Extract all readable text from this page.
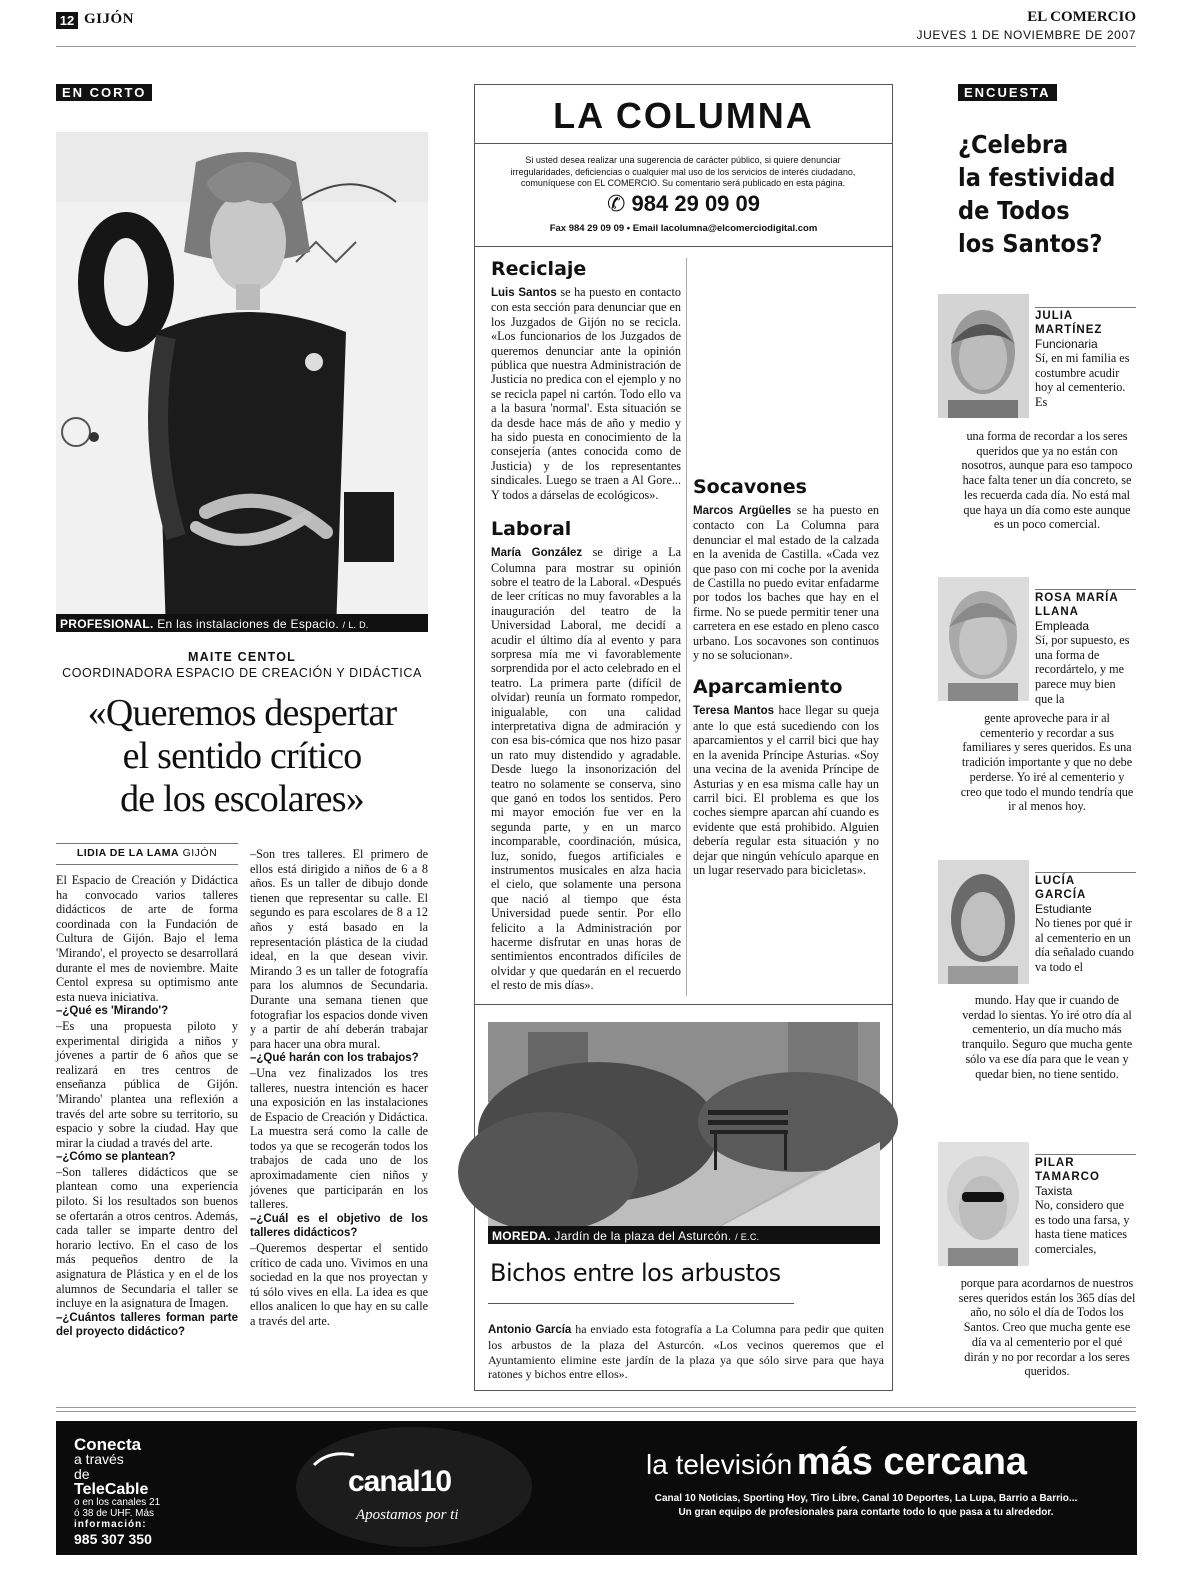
12 GIJÓN	EL COMERCIO
JUEVES 1 DE NOVIEMBRE DE 2007
EN CORTO
PROFESIONAL. En las instalaciones de Espacio. / L. D.
MAITE CENTOL
COORDINADORA ESPACIO DE CREACIÓN Y DIDÁCTICA
«Queremos despertar
el sentido crítico
de los escolares»
LIDIA DE LA LAMA GIJÓN

El Espacio de Creación y Didáctica ha convocado varios talleres didácticos de arte de forma coordinada con la Fundación de Cultura de Gijón. Bajo el lema 'Mirando', el proyecto se desarrollará durante el mes de noviembre. Maite Centol expresa su optimismo ante esta nueva iniciativa.

–¿Qué es 'Mirando'?

–Es una propuesta piloto y experimental dirigida a niños y jóvenes a partir de 6 años que se realizará en tres centros de enseñanza pública de Gijón. 'Mirando' plantea una reflexión a través del arte sobre su territorio, su espacio y sobre la ciudad. Hay que mirar la ciudad a través del arte.

–¿Cómo se plantean?

–Son talleres didácticos que se plantean como una experiencia piloto. Si los resultados son buenos se ofertarán a otros centros. Además, cada taller se imparte dentro del horario lectivo. En el caso de los más pequeños dentro de la asignatura de Plástica y en el de los alumnos de Secundaria el taller se incluye en la asignatura de Imagen.

–¿Cuántos talleres forman parte del proyecto didáctico?

–Son tres talleres. El primero de ellos está dirigido a niños de 6 a 8 años. Es un taller de dibujo donde tienen que representar su calle. El segundo es para escolares de 8 a 12 años y está basado en la representación plástica de la ciudad ideal, en la que desean vivir. Mirando 3 es un taller de fotografía para los alumnos de Secundaria. Durante una semana tienen que fotografiar los espacios donde viven y a partir de ahí deberán trabajar para hacer una obra mural.

–¿Qué harán con los trabajos?

–Una vez finalizados los tres talleres, nuestra intención es hacer una exposición en las instalaciones de Espacio de Creación y Didáctica. La muestra será como la calle de todos ya que se recogerán todos los trabajos de cada uno de los aproximadamente cien niños y jóvenes que participarán en los talleres.

–¿Cuál es el objetivo de los talleres didácticos?

–Queremos despertar el sentido crítico de cada uno. Vivimos en una sociedad en la que nos proyectan y tú sólo vives en ella. La idea es que ellos analicen lo que hay en su calle a través del arte.

LA COLUMNA
Si usted desea realizar una sugerencia de carácter público, si quiere denunciar irregularidades, deficiencias o cualquier mal uso de los servicios de interés ciudadano, comuníquese con EL COMERCIO. Su comentario será publicado en esta página.
✆ 984 29 09 09
Fax 984 29 09 09 • Email lacolumna@elcomerciodigital.com
Reciclaje
Luis Santos se ha puesto en contacto con esta sección para denunciar que en los Juzgados de Gijón no se recicla. «Los funcionarios de los Juzgados de queremos denunciar ante la opinión pública que nuestra Administración de Justicia no predica con el ejemplo y no se recicla papel ni cartón. Todo ello va a la basura 'normal'. Esta situación se da desde hace más de año y medio y ha sido puesta en conocimiento de la consejería (antes conocida como de Justicia) y de los representantes sindicales. Luego se traen a Al Gore... Y todos a dárselas de ecológicos».
Laboral
María González se dirige a La Columna para mostrar su opinión sobre el teatro de la Laboral. «Después de leer críticas no muy favorables a la inauguración del teatro de la Universidad Laboral, me decidí a acudir el último día al evento y para sorpresa mía me vi favorablemente sorprendida por el acto celebrado en el teatro. La primera parte (difícil de olvidar) reunía un formato rompedor, inigualable, con una calidad interpretativa digna de admiración y con esa bis-cómica que nos hizo pasar un rato muy distendido y agradable. Desde luego la insonorización del teatro no solamente se conserva, sino que ganó en todos los sentidos. Pero mi mayor emoción fue ver en la segunda parte, y en un marco incomparable, coordinación, música, luz, sonido, fuegos artificiales e instrumentos musicales en alza hacia el cielo, que solamente una persona que nació al tiempo que ésta Universidad puede sentir. Por ello felicito a la Administración por hacerme disfrutar en unas horas de sentimientos encontrados difíciles de olvidar y que quedarán en el recuerdo el resto de mis días».
Socavones
Marcos Argüelles se ha puesto en contacto con La Columna para denunciar el mal estado de la calzada en la avenida de Castilla. «Cada vez que paso con mi coche por la avenida de Castilla no puedo evitar enfadarme por todos los baches que hay en el firme. No se puede permitir tener una carretera en ese estado en pleno casco urbano. Los socavones son continuos y no se solucionan».
Aparcamiento
Teresa Mantos hace llegar su queja ante lo que está sucediendo con los aparcamientos y el carril bici que hay en la avenida Príncipe Asturias. «Soy una vecina de la avenida Príncipe de Asturias y en esa misma calle hay un carril bici. El problema es que los coches siempre aparcan ahí cuando es evidente que está prohibido. Alguien debería regular esta situación y no dejar que ningún vehículo aparque en un lugar reservado para bicicletas».
MOREDA. Jardín de la plaza del Asturcón. / E.C.
Bichos entre los arbustos
Antonio García ha enviado esta fotografía a La Columna para pedir que quiten los arbustos de la plaza del Asturcón. «Los vecinos queremos que el Ayuntamiento elimine este jardín de la plaza ya que sólo sirve para que haya ratones y bichos entre ellos».
ENCUESTA
¿Celebra
la festividad
de Todos
los Santos?
JULIA
MARTÍNEZ
Funcionaria
Sí, en mi familia es costumbre acudir hoy al cementerio. Es
una forma de recordar a los seres queridos que ya no están con nosotros, aunque para eso tampoco hace falta tener un día concreto, se les recuerda cada día. No está mal que haya un día como este aunque es un poco comercial.
ROSA MARÍA
LLANA
Empleada
Sí, por supuesto, es una forma de recordártelo, y me parece muy bien que la
gente aproveche para ir al cementerio y recordar a sus familiares y seres queridos. Es una tradición importante y que no debe perderse. Yo iré al cementerio y creo que todo el mundo tendría que ir al menos hoy.
LUCÍA
GARCÍA
Estudiante
No tienes por qué ir al cementerio en un día señalado cuando va todo el
mundo. Hay que ir cuando de verdad lo sientas. Yo iré otro día al cementerio, un día mucho más tranquilo. Seguro que mucha gente sólo va ese día para que le vean y quedar bien, no tiene sentido.
PILAR
TAMARCO
Taxista
No, considero que es todo una farsa, y hasta tiene matices comerciales,
porque para acordarnos de nuestros seres queridos están los 365 días del año, no sólo el día de Todos los Santos. Creo que mucha gente ese día va al cementerio por el qué dirán y no por recordar a los seres queridos.
Conecta
a través
de
TeleCable
o en los canales 21
ó 38 de UHF. Más
información:
985 307 350
canal10
Apostamos por ti
la televisión más cercana
Canal 10 Noticias, Sporting Hoy, Tiro Libre, Canal 10 Deportes, La Lupa, Barrio a Barrio...
Un gran equipo de profesionales para contarte todo lo que pasa a tu alrededor.
